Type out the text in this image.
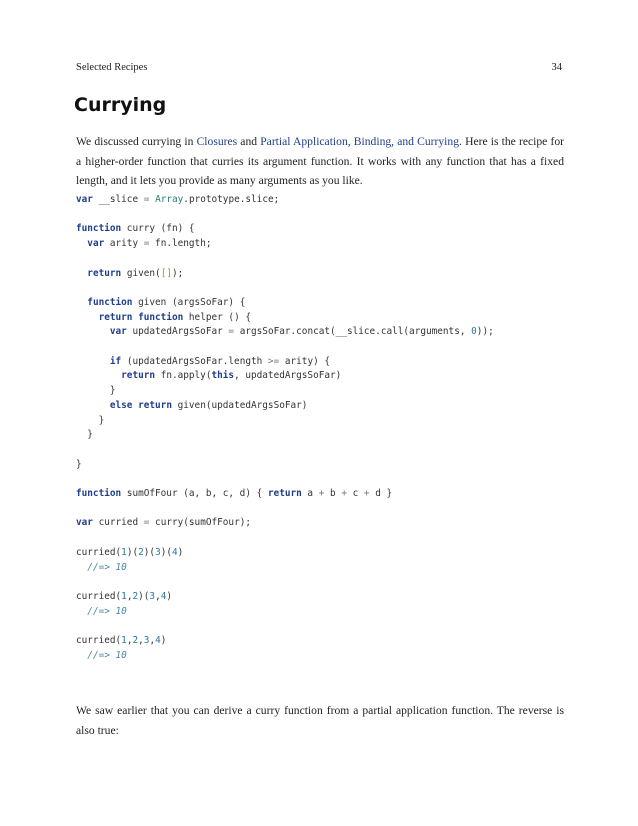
Selected Recipes	34
Currying

We discussed currying in Closures and Partial Application, Binding, and Currying. Here is the recipe for a higher-order function that curries its argument function. It works with any function that has a fixed length, and it lets you provide as many arguments as you like.

var __slice = Array.prototype.slice;

function curry (fn) {
var arity = fn.length;

return given([]);

function given (argsSoFar) {
return function helper () {
var updatedArgsSoFar = argsSoFar.concat(__slice.call(arguments, 0));

if (updatedArgsSoFar.length >= arity) {
return fn.apply(this, updatedArgsSoFar)
}
else return given(updatedArgsSoFar)
}
}

}

function sumOfFour (a, b, c, d) { return a + b + c + d }

var curried = curry(sumOfFour);

curried(1)(2)(3)(4)
//=> 10

curried(1,2)(3,4)
//=> 10

curried(1,2,3,4)
//=> 10

We saw earlier that you can derive a curry function from a partial application function. The reverse is also true:
